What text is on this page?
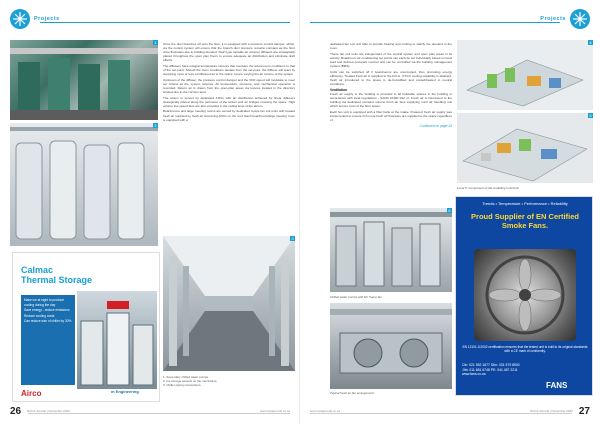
Projects
1
2

Once the duct branches off onto the floor, it is equipped with a pressure control damper, which, via the control system will ensure that the branch duct pressure remains constant as the floor drive fluctuates due to building demand. Swirl-type variable air volume) diffusers are strategically placed throughout the open plan floors to ensure adequate air distribution and eliminate draft effects.

The diffusers have integral temperature sensors that compare the actual room conditions to that of the set-point. Should the room conditions deviate from the set-point, the diffuser will react by supplying more or less conditioned air to the space, hence varying the air volume of the system.

Upstream of the diffuser, the pressure control damper and the VFD speed will modulate to meet set criteria as the system requires. All temperature, pressure, and mechanical operation is recorded. Return air is drawn from the open-plan areas via louvres located in the directory window line in the corridor area.

The atrium is served by dedicated AHUs with air distribution achieved by linear diffusers strategically placed along the perimeter of the atrium and air bridges crossing the space. High volume low speed fans are also provided in the ceiling level of the atrium.

Boardrooms and large meeting rooms are served by dedicated 4-pipe fan coil units with treated fresh air supplied by fresh air tempering AHUs on the roof. Each boardroom/large meeting room is equipped with a

Calmac
Thermal Storage
Make ice at night to produce cooling during the day
Save energy - reduce emissions
Reduce cooling costs
Can reduce size of chiller by 30%
Airco	m Engineering
3
1. Secondary chilled water pumps.
2. Ice storage vessels on the mezzanine.
3. Chiller piping connections.
26 RACA Journal | November 2020	www.racajournal.co.za
Projects

dedicated fan coil unit able to provide heating and cooling to satisfy the demand in the room.

These fan coil units are independent of the central system and open plan areas in its activity. Boardroom air conditioning set points can each be set individually based on local load and desired occupant comfort and can be controlled via the building management system (BMS).

Units can be switched off if boardrooms are unoccupied, thus promoting energy efficiency. Treated fresh air is supplied to the FCUs. If FCU cooling capability is disabled, fresh air introduced to the space is de-humidified and cooled/heated to neutral conditions.

Ventilation

Fresh air supply to the building is provided to all habitable spaces in the building in accordance with local regulations - SANS 10400 Part O. Fresh air is introduced to the building via dedicated constant volume fresh air fans supplying such air handling unit which serves most of the floor space.

Each fan unit is equipped with a filter bank at the intake. Powered fresh air supply was implemented to ensure rich more fresh air flowrates are supplied to the space regardless of

Continued on page 29
4
5
Level 5: Component of 3D modelling in Actcofi.
6
Chilled water pumps with EC frame fan.
Typical fresh air fan arrangement.
www.racajournal.co.za	RACA Journal | November 2020 27
Trends • Temperature • Performance • Reliability
Proud Supplier of EN Certified Smoke Fans.
EN 12101-3:2002 certification ensures that the tested unit is built to its original standards with a CE mark of conformity.
Ctn: 021 552 1677 Dbn: 031 579 8900
Jhb: 011 681 6748 PE: 041 487 2211
www.fans.co.za
FANS
